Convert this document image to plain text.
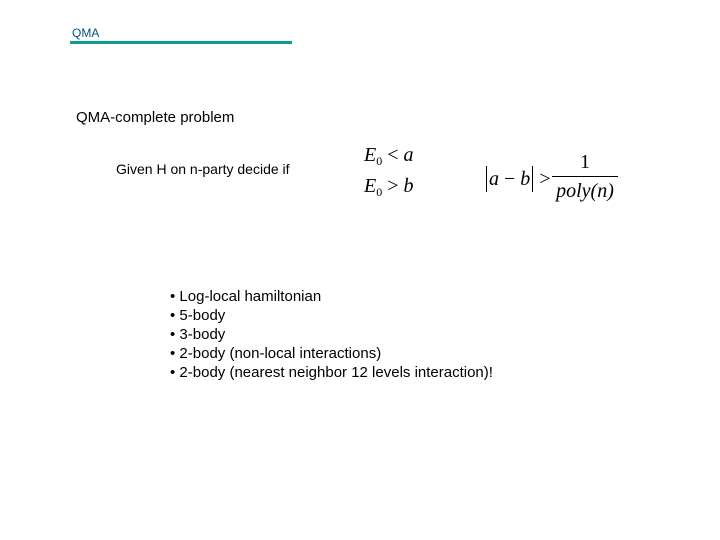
QMA
QMA-complete problem
Given H on n-party decide if
$E_0 < a$
$E_0 > b$	a
−
b >
1
poly(n)
• Log-local hamiltonian
• 5-body
• 3-body
• 2-body (non-local interactions)
• 2-body (nearest neighbor 12 levels interaction)!
